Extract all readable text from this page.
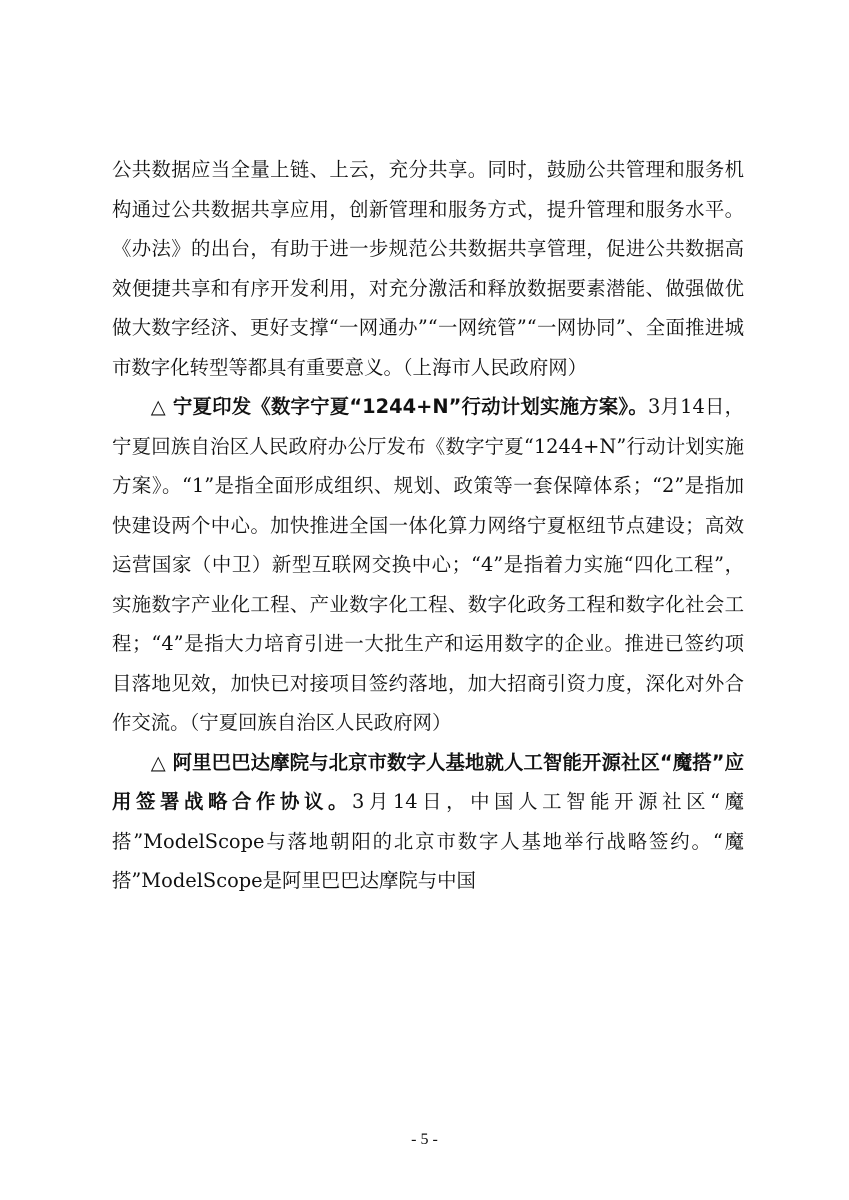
公共数据应当全量上链、上云，充分共享。同时，鼓励公共管理和服务机构通过公共数据共享应用，创新管理和服务方式，提升管理和服务水平。《办法》的出台，有助于进一步规范公共数据共享管理，促进公共数据高效便捷共享和有序开发利用，对充分激活和释放数据要素潜能、做强做优做大数字经济、更好支撑“一网通办”“一网统管”“一网协同”、全面推进城市数字化转型等都具有重要意义。（上海市人民政府网）

△ 宁夏印发《数字宁夏“1244+N”行动计划实施方案》。3月14日，宁夏回族自治区人民政府办公厅发布《数字宁夏“1244+N”行动计划实施方案》。“1”是指全面形成组织、规划、政策等一套保障体系；“2”是指加快建设两个中心。加快推进全国一体化算力网络宁夏枢纽节点建设；高效运营国家（中卫）新型互联网交换中心；“4”是指着力实施“四化工程”，实施数字产业化工程、产业数字化工程、数字化政务工程和数字化社会工程；“4”是指大力培育引进一大批生产和运用数字的企业。推进已签约项目落地见效，加快已对接项目签约落地，加大招商引资力度，深化对外合作交流。（宁夏回族自治区人民政府网）

△ 阿里巴巴达摩院与北京市数字人基地就人工智能开源社区“魔搭”应用签署战略合作协议。3月14日，中国人工智能开源社区“魔搭”ModelScope与落地朝阳的北京市数字人基地举行战略签约。“魔搭”ModelScope是阿里巴巴达摩院与中国

- 5 -
